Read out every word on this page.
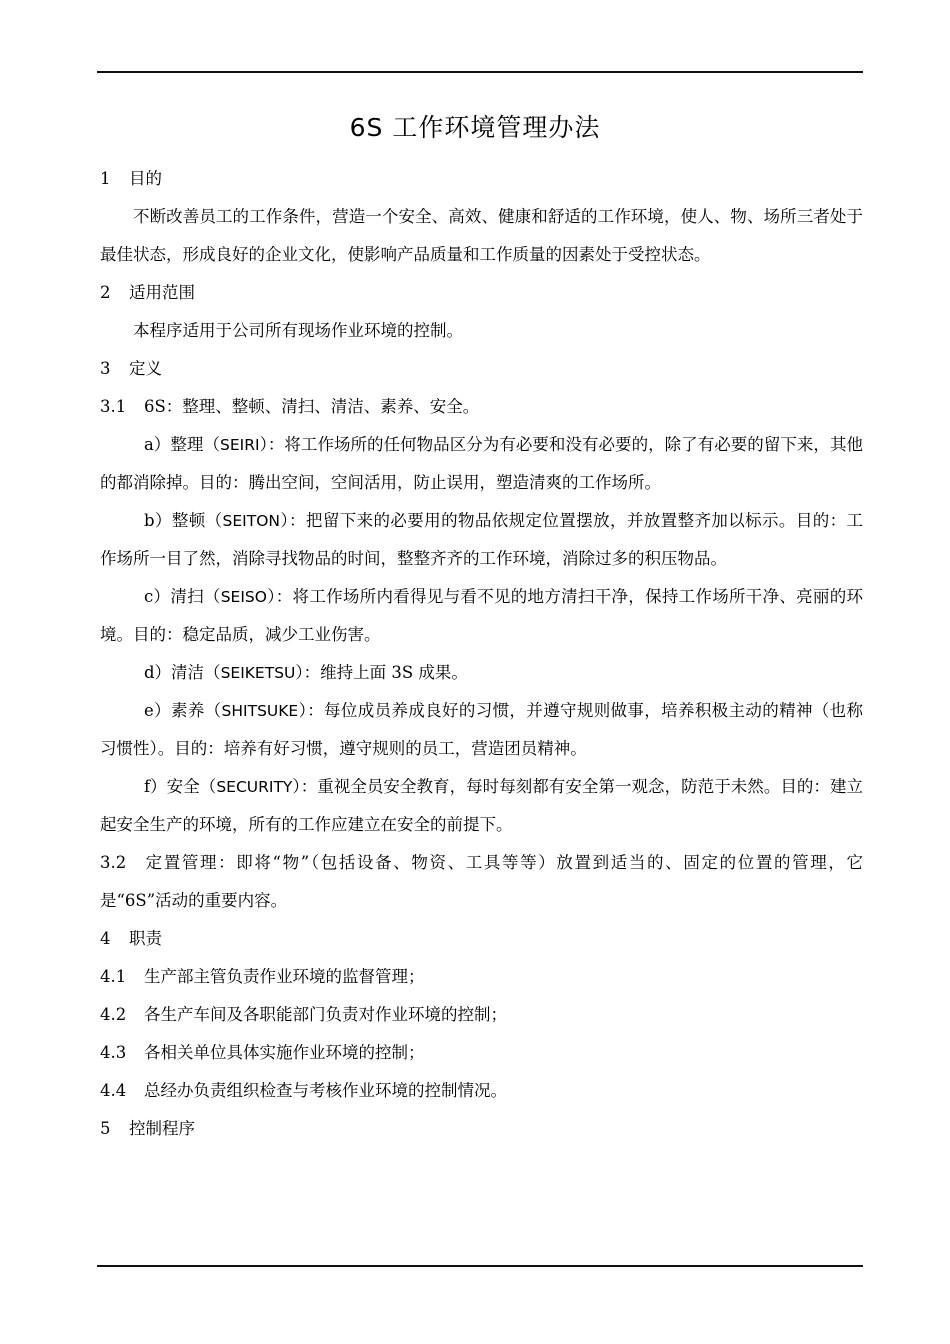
6S 工作环境管理办法

1 目的

不断改善员工的工作条件，营造一个安全、高效、健康和舒适的工作环境，使人、物、场所三者处于最佳状态，形成良好的企业文化，使影响产品质量和工作质量的因素处于受控状态。

2 适用范围

本程序适用于公司所有现场作业环境的控制。

3 定义

3.1 6S：整理、整顿、清扫、清洁、素养、安全。

a）整理（SEIRI）：将工作场所的任何物品区分为有必要和没有必要的，除了有必要的留下来，其他的都消除掉。目的：腾出空间，空间活用，防止误用，塑造清爽的工作场所。

b）整顿（SEITON）：把留下来的必要用的物品依规定位置摆放，并放置整齐加以标示。目的：工作场所一目了然，消除寻找物品的时间，整整齐齐的工作环境，消除过多的积压物品。

c）清扫（SEISO）：将工作场所内看得见与看不见的地方清扫干净，保持工作场所干净、亮丽的环境。目的：稳定品质，减少工业伤害。

d）清洁（SEIKETSU）：维持上面 3S 成果。

e）素养（SHITSUKE）：每位成员养成良好的习惯，并遵守规则做事，培养积极主动的精神（也称习惯性）。目的：培养有好习惯，遵守规则的员工，营造团员精神。

f）安全（SECURITY）：重视全员安全教育，每时每刻都有安全第一观念，防范于未然。目的：建立起安全生产的环境，所有的工作应建立在安全的前提下。

3.2 定置管理：即将“物”（包括设备、物资、工具等等）放置到适当的、固定的位置的管理，它是“6S”活动的重要内容。

4 职责

4.1 生产部主管负责作业环境的监督管理；

4.2 各生产车间及各职能部门负责对作业环境的控制；

4.3 各相关单位具体实施作业环境的控制；

4.4 总经办负责组织检查与考核作业环境的控制情况。

5 控制程序
